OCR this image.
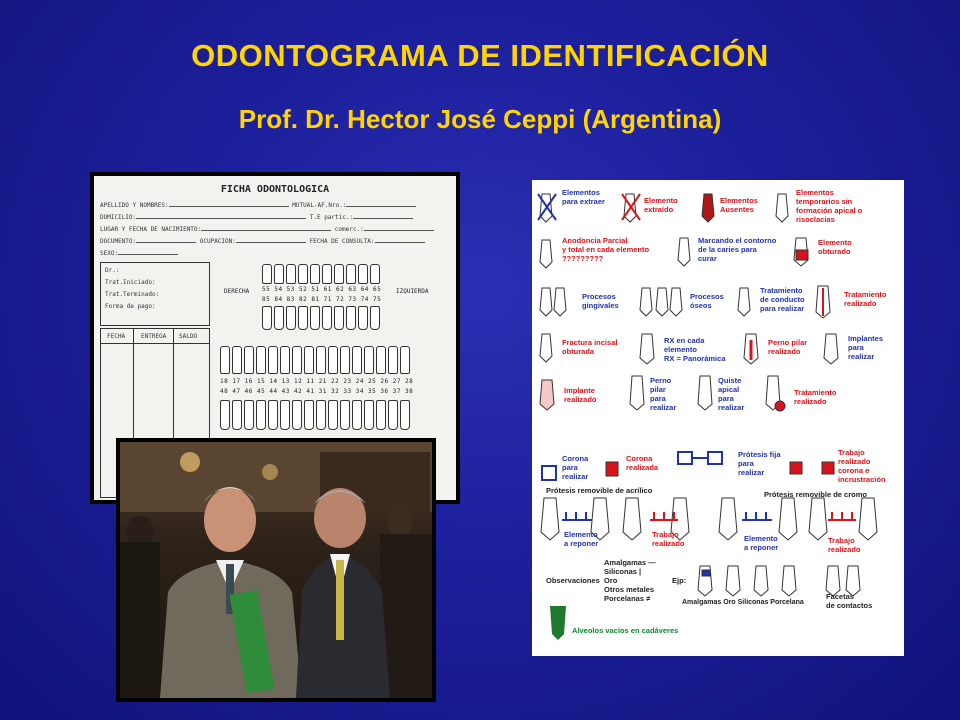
ODONTOGRAMA DE IDENTIFICACIÓN
Prof. Dr. Hector José Ceppi (Argentina)
FICHA ODONTOLOGICA
APELLIDO Y NOMBRES:	MUTUAL-AF.Nro.:
DOMICILIO:	T.E partic.:
LUGAR Y FECHA DE NACIMIENTO:	comerc.:
DOCUMENTO:	OCUPACION:	FECHA DE CONSULTA:
SEXO:
Dr.:
Trat.Iniciado:
Trat.Terminado:
Forma de pago:
FECHA	ENTREGA SALDO
55 54 53 52 51 61 62 63 64 65
85 84 83 82 81 71 72 73 74 75
DERECHA	IZQUIERDA
18 17 16 15 14 13 12 11 21 22 23 24 25 26 27 28
48 47 46 45 44 43 42 41 31 32 33 34 35 36 37 38
Elementos
para extraer	Elemento
extraído
Elementos
Ausentes
Elementos
temporarios sin
formación apical o
risoclacias
Anodoncia Parcial
y total en cada elemento
?????????
Marcando el contorno
de la caries para
curar
Elemento
obturado
Procesos
gingivales
Procesos
óseos
Tratamiento
de conducto
para realizar
Tratamiento
realizado
Fractura incisal
obturada
RX en cada
elemento
RX = Panorámica
Perno pilar
realizado
Implantes
para
realizar
Implante
realizado
Perno
pilar
para
realizar
Quiste
apical
para
realizar
Tratamiento
realizado
Corona
para
realizar
Corona
realizada
Prótesis fija
para
realizar
Trabajo
realizado
corona e
incrustración
Prótesis removible de acrílico	Prótesis removible de cromo
Elemento
a reponer
Trabajo
realizado
Elemento
a reponer
Trabajo
realizado
Observaciones
Amalgamas —
Siliconas |
Oro
Otros metales
Porcelanas ≠
Ejp:
Amalgamas Oro Siliconas Porcelana
Facetas
de contactos
Alveolos vacíos en cadáveres
